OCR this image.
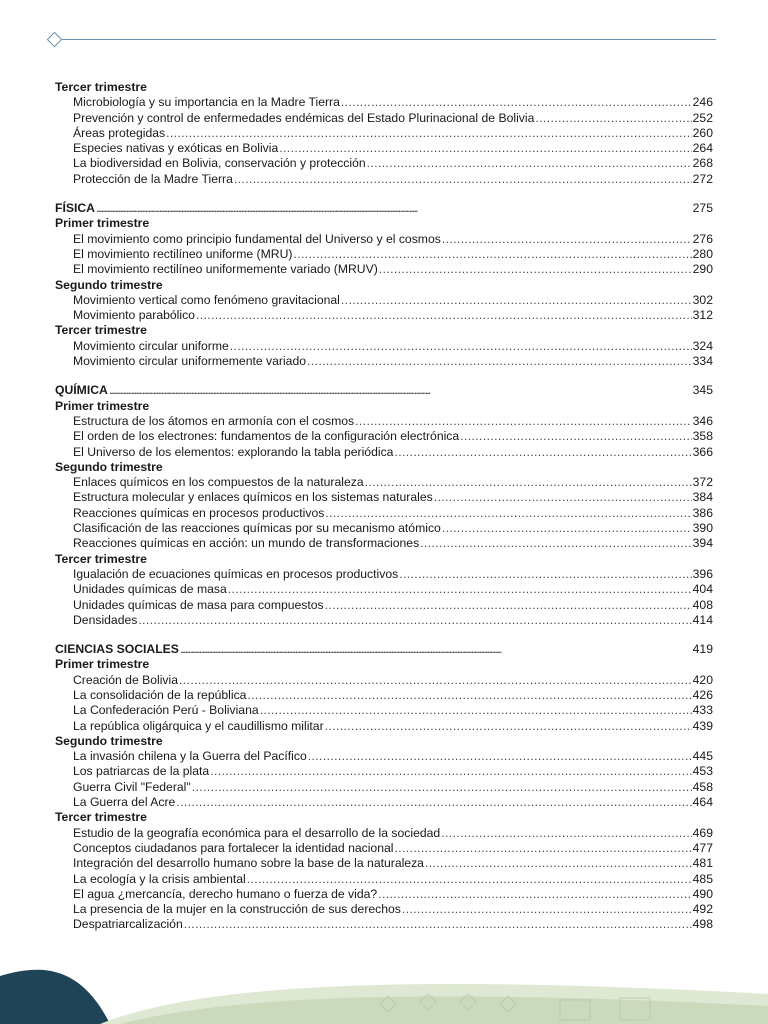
Tercer trimestre
Microbiología y su importancia en la Madre Tierra . . .	246
Prevención y control de enfermedades endémicas del Estado Plurinacional de Bolivia . . .	252
Áreas protegidas . . .	260
Especies nativas y exóticas en Bolivia . . .	264
La biodiversidad en Bolivia, conservación y protección . . .	268
Protección de la Madre Tierra . . .	272
FÍSICA . . .	275
Primer trimestre
El movimiento como principio fundamental del Universo y el cosmos . . .	276
El movimiento rectilíneo uniforme (MRU) . . .	280
El movimiento rectilíneo uniformemente variado (MRUV) . . .	290
Segundo trimestre
Movimiento vertical como fenómeno gravitacional . . .	302
Movimiento parabólico . . .	312
Tercer trimestre
Movimiento circular uniforme . . .	324
Movimiento circular uniformemente variado . . .	334
QUÍMICA . . .	345
Primer trimestre
Estructura de los átomos en armonía con el cosmos . . .	346
El orden de los electrones: fundamentos de la configuración electrónica . . .	358
El Universo de los elementos: explorando la tabla periódica . . .	366
Segundo trimestre
Enlaces químicos en los compuestos de la naturaleza . . .	372
Estructura molecular y enlaces químicos en los sistemas naturales . . .	384
Reacciones químicas en procesos productivos . . .	386
Clasificación de las reacciones químicas por su mecanismo atómico . . .	390
Reacciones químicas en acción: un mundo de transformaciones . . .	394
Tercer trimestre
Igualación de ecuaciones químicas en procesos productivos . . .	396
Unidades químicas de masa . . .	404
Unidades químicas de masa para compuestos . . .	408
Densidades . . .	414
CIENCIAS SOCIALES . . .	419
Primer trimestre
Creación de Bolivia . . .	420
La consolidación de la república . . .	426
La Confederación Perú - Boliviana . . .	433
La república oligárquica y el caudillismo militar . . .	439
Segundo trimestre
La invasión chilena y la Guerra del Pacífico . . .	445
Los patriarcas de la plata . . .	453
Guerra Civil "Federal" . . .	458
La Guerra del Acre . . .	464
Tercer trimestre
Estudio de la geografía económica para el desarrollo de la sociedad . . .	469
Conceptos ciudadanos para fortalecer la identidad nacional . . .	477
Integración del desarrollo humano sobre la base de la naturaleza . . .	481
La ecología y la crisis ambiental . . .	485
El agua ¿mercancía, derecho humano o fuerza de vida? . . .	490
La presencia de la mujer en la construcción de sus derechos . . .	492
Despatriarcalización . . .	498
